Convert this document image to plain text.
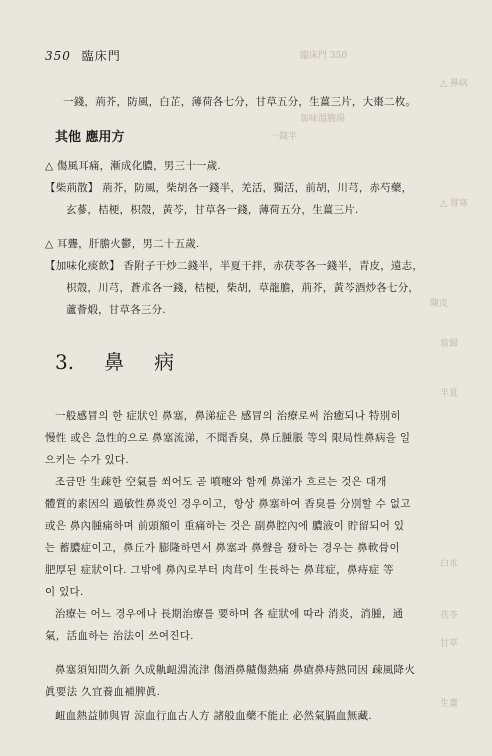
臨床門 350
△ 鼻病
加味溫膽湯
一錢半
△ 胃寒
陳皮
當歸
半夏
白朮
茯苓
甘草
生薑
350 臨床門
一錢，荊芥，防風，白芷，薄荷各七分，甘草五分，生薑三片，大棗二枚。
其他 應用方
△ 傷風耳痛，漸成化膿，男三十一歲.
【柴荊散】 荊芥，防風，柴胡各一錢半，羌活，獨活，前胡，川芎，赤芍藥，
玄蔘，桔梗，枳殼，黃芩，甘草各一錢，薄荷五分，生薑三片.
△ 耳聾，肝膽火鬱，男二十五歲.
【加味化痰飲】 香附子干炒二錢半，半夏干拌，赤茯苓各一錢半，青皮，遠志，
枳殼，川芎，蒼朮各一錢，桔梗，柴胡，草龍膽，荊芥，黃芩酒炒各七分，
蘆薈煅，甘草各三分.
3. 鼻病
一般感冒의 한 症狀인 鼻塞，鼻涕症은 感冒의 治療로써 治癒되나 特別히
慢性 或은 急性的으로 鼻塞流涕，不聞香臭，鼻丘腫脹 等의 限局性鼻病을 일
으키는 수가 있다.
조금만 生疎한 空氣를 쐬어도 곧 噴嚏와 함께 鼻涕가 흐르는 것은 대개
體質的素因의 過敏性鼻炎인 경우이고，항상 鼻塞하여 香臭를 分別할 수 없고
或은 鼻內腫痛하며 前頭額이 重痛하는 것은 副鼻腔內에 膿液이 貯留되어 있
는 蓄膿症이고，鼻丘가 膨隆하면서 鼻塞과 鼻聲을 發하는 경우는 鼻軟骨이
肥厚된 症狀이다. 그밖에 鼻內로부터 肉茸이 生長하는 鼻茸症，鼻痔症 等
이 있다.
治療는 어느 경우에나 長期治療를 要하며 各 症狀에 따라 消炎，消腫，通
氣，活血하는 治法이 쓰여진다.
鼻塞須知問久新 久成鼽衄淵流津 傷酒鼻齄傷熱痛 鼻瘡鼻痔熱同因 疎風降火
眞要法 久宜養血補脾眞.
衄血熱益肺與胃 涼血行血古人方 諸般血藥不能止 必然氣膈血無藏.
